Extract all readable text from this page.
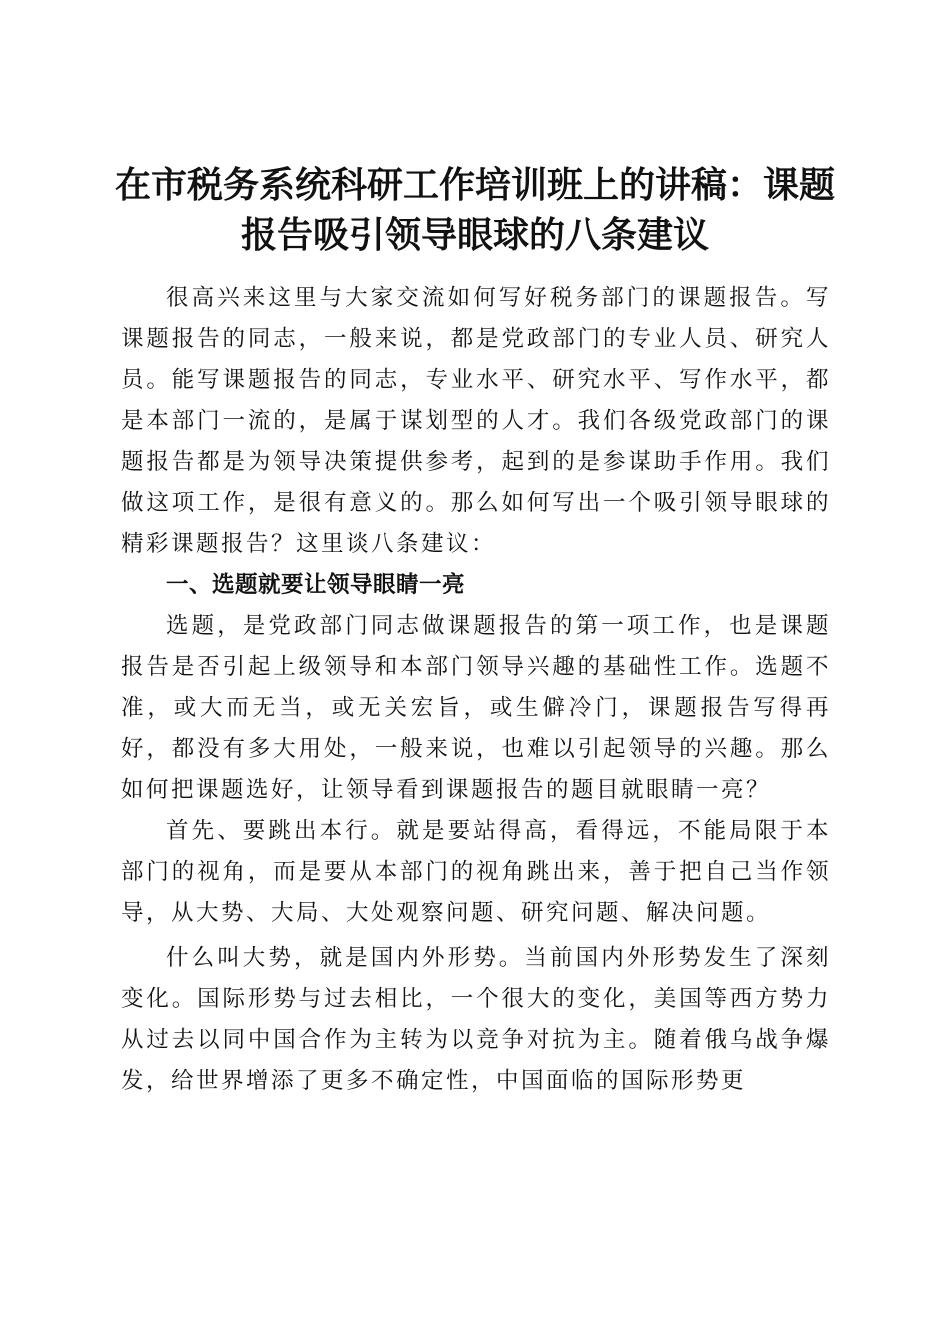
在市税务系统科研工作培训班上的讲稿：课题
报告吸引领导眼球的八条建议

很高兴来这里与大家交流如何写好税务部门的课题报告。写课题报告的同志，一般来说，都是党政部门的专业人员、研究人员。能写课题报告的同志，专业水平、研究水平、写作水平，都是本部门一流的，是属于谋划型的人才。我们各级党政部门的课题报告都是为领导决策提供参考，起到的是参谋助手作用。我们做这项工作，是很有意义的。那么如何写出一个吸引领导眼球的精彩课题报告？这里谈八条建议：

一、选题就要让领导眼睛一亮

选题，是党政部门同志做课题报告的第一项工作，也是课题报告是否引起上级领导和本部门领导兴趣的基础性工作。选题不准，或大而无当，或无关宏旨，或生僻冷门，课题报告写得再好，都没有多大用处，一般来说，也难以引起领导的兴趣。那么如何把课题选好，让领导看到课题报告的题目就眼睛一亮？

首先、要跳出本行。就是要站得高，看得远，不能局限于本部门的视角，而是要从本部门的视角跳出来，善于把自己当作领导，从大势、大局、大处观察问题、研究问题、解决问题。

什么叫大势，就是国内外形势。当前国内外形势发生了深刻变化。国际形势与过去相比，一个很大的变化，美国等西方势力从过去以同中国合作为主转为以竞争对抗为主。随着俄乌战争爆发，给世界增添了更多不确定性，中国面临的国际形势更
